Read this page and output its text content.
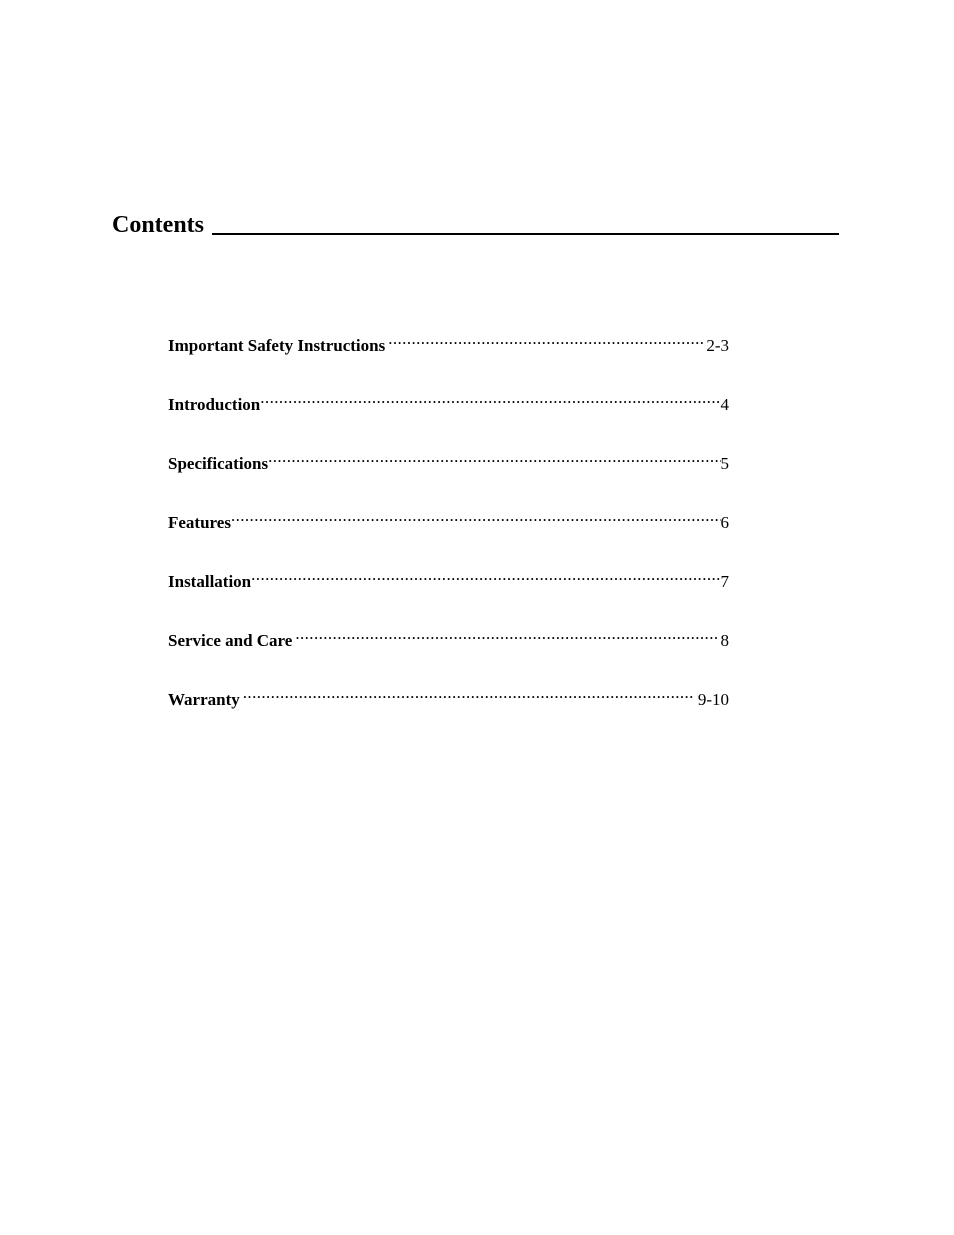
Contents
Important Safety Instructions .....	2-3
Introduction .....	4
Specifications .....	5
Features .....	6
Installation .....	7
Service and Care .....	8
Warranty .....	9-10
